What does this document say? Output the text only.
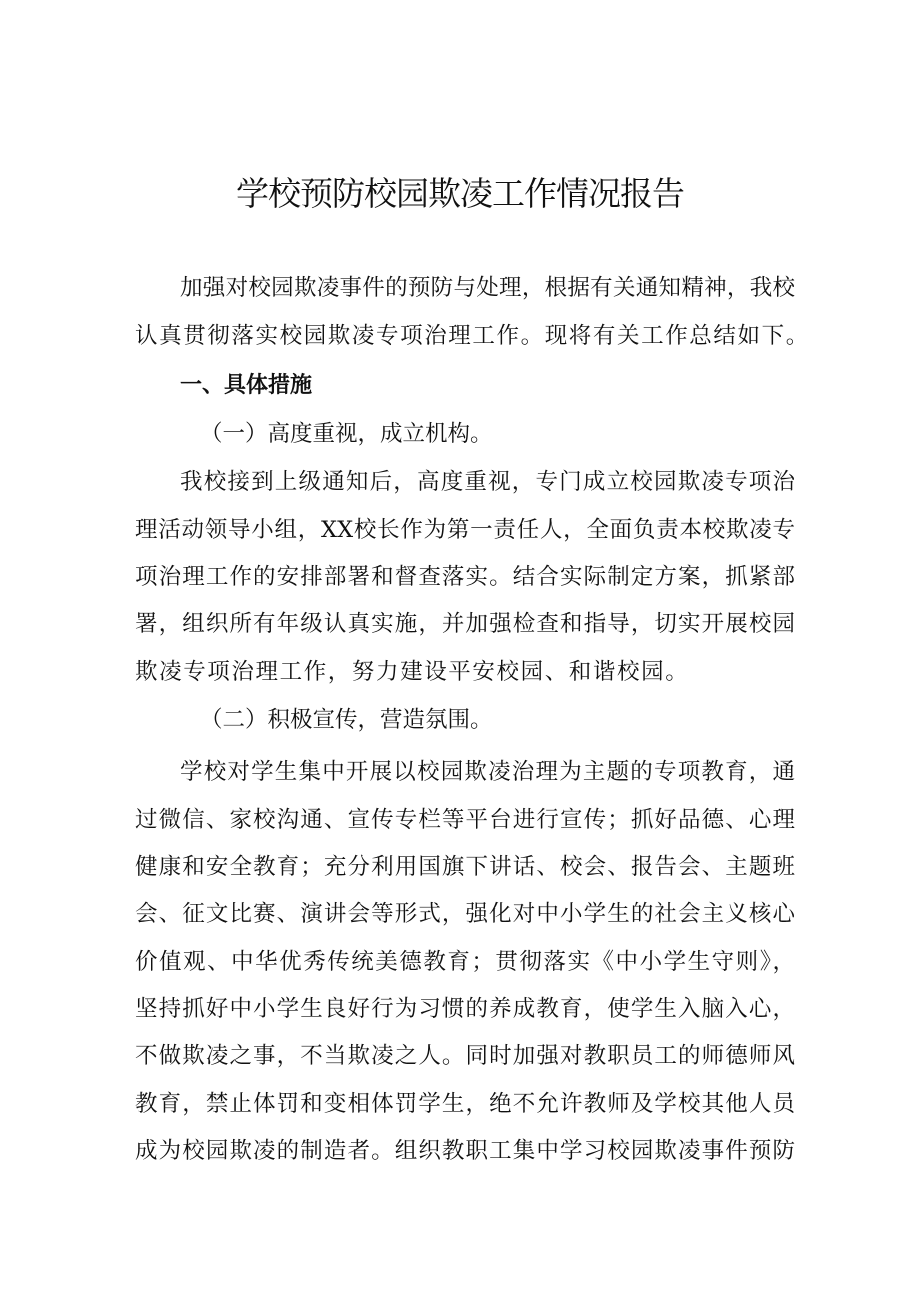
学校预防校园欺凌工作情况报告

加强对校园欺凌事件的预防与处理，根据有关通知精神，我校

认真贯彻落实校园欺凌专项治理工作。现将有关工作总结如下。

一、具体措施

（一）高度重视，成立机构。

我校接到上级通知后，高度重视，专门成立校园欺凌专项治

理活动领导小组，XX校长作为第一责任人，全面负责本校欺凌专

项治理工作的安排部署和督查落实。结合实际制定方案，抓紧部

署，组织所有年级认真实施，并加强检查和指导，切实开展校园

欺凌专项治理工作，努力建设平安校园、和谐校园。

（二）积极宣传，营造氛围。

学校对学生集中开展以校园欺凌治理为主题的专项教育，通

过微信、家校沟通、宣传专栏等平台进行宣传；抓好品德、心理

健康和安全教育；充分利用国旗下讲话、校会、报告会、主题班

会、征文比赛、演讲会等形式，强化对中小学生的社会主义核心

价值观、中华优秀传统美德教育；贯彻落实《中小学生守则》，

坚持抓好中小学生良好行为习惯的养成教育，使学生入脑入心，

不做欺凌之事，不当欺凌之人。同时加强对教职员工的师德师风

教育，禁止体罚和变相体罚学生，绝不允许教师及学校其他人员

成为校园欺凌的制造者。组织教职工集中学习校园欺凌事件预防
